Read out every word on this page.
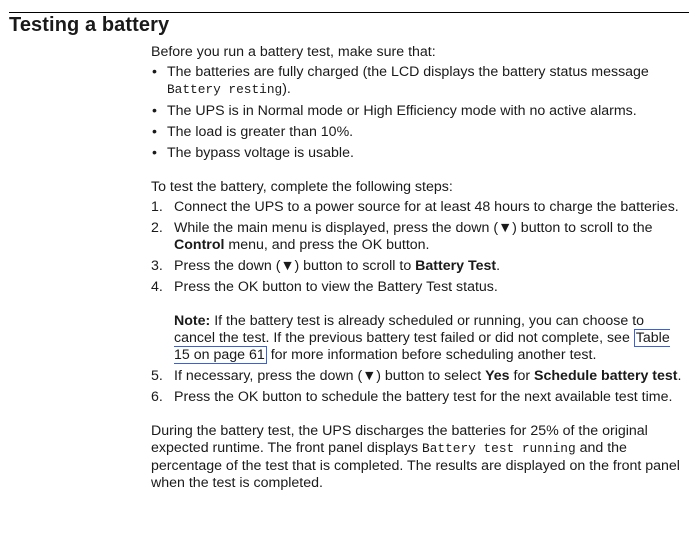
Testing a battery

Before you run a battery test, make sure that:

• The batteries are fully charged (the LCD displays the battery status message Battery resting).
• The UPS is in Normal mode or High Efficiency mode with no active alarms.
• The load is greater than 10%.
• The bypass voltage is usable.

To test the battery, complete the following steps:

1. Connect the UPS to a power source for at least 48 hours to charge the batteries.
2. While the main menu is displayed, press the down (▼) button to scroll to the Control menu, and press the OK button.
3. Press the down (▼) button to scroll to Battery Test.
4. Press the OK button to view the Battery Test status.
Note: If the battery test is already scheduled or running, you can choose to cancel the test. If the previous battery test failed or did not complete, see Table 15 on page 61 for more information before scheduling another test.
5. If necessary, press the down (▼) button to select Yes for Schedule battery test.
6. Press the OK button to schedule the battery test for the next available test time.

During the battery test, the UPS discharges the batteries for 25% of the original expected runtime. The front panel displays Battery test running and the percentage of the test that is completed. The results are displayed on the front panel when the test is completed.
